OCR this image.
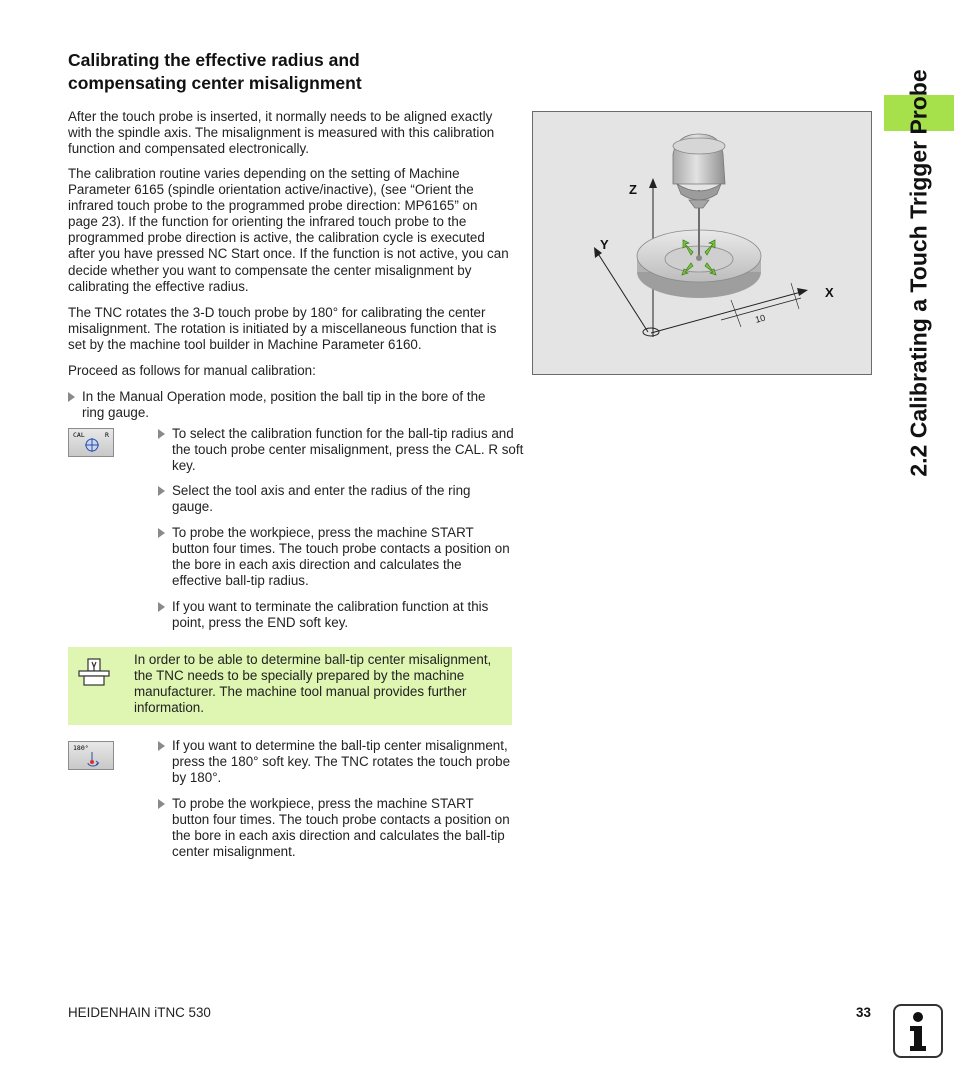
Calibrating the effective radius and
compensating center misalignment

After the touch probe is inserted, it normally needs to be aligned exactly with the spindle axis. The misalignment is measured with this calibration function and compensated electronically.

The calibration routine varies depending on the setting of Machine Parameter 6165 (spindle orientation active/inactive), (see “Orient the infrared touch probe to the programmed probe direction: MP6165” on page 23). If the function for orienting the infrared touch probe to the programmed probe direction is active, the calibration cycle is executed after you have pressed NC Start once. If the function is not active, you can decide whether you want to compensate the center misalignment by calibrating the effective radius.

The TNC rotates the 3-D touch probe by 180° for calibrating the center misalignment. The rotation is initiated by a miscellaneous function that is set by the machine tool builder in Machine Parameter 6160.

Proceed as follows for manual calibration:

In the Manual Operation mode, position the ball tip in the bore of the ring gauge.
CAL	R	To select the calibration function for the ball-tip radius and the touch probe center misalignment, press the CAL. R soft key.
Select the tool axis and enter the radius of the ring gauge.
To probe the workpiece, press the machine START button four times. The touch probe contacts a position on the bore in each axis direction and calculates the effective ball-tip radius.
If you want to terminate the calibration function at this point, press the END soft key.
In order to be able to determine ball-tip center misalignment, the TNC needs to be specially prepared by the machine manufacturer. The machine tool manual provides further information.
180°	If you want to determine the ball-tip center misalignment, press the 180° soft key. The TNC rotates the touch probe by 180°.
To probe the workpiece, press the machine START button four times. The touch probe contacts a position on the bore in each axis direction and calculates the ball-tip center misalignment.
10
Z
Y
X	2.2 Calibrating a Touch Trigger Probe
HEIDENHAIN iTNC 530	33
